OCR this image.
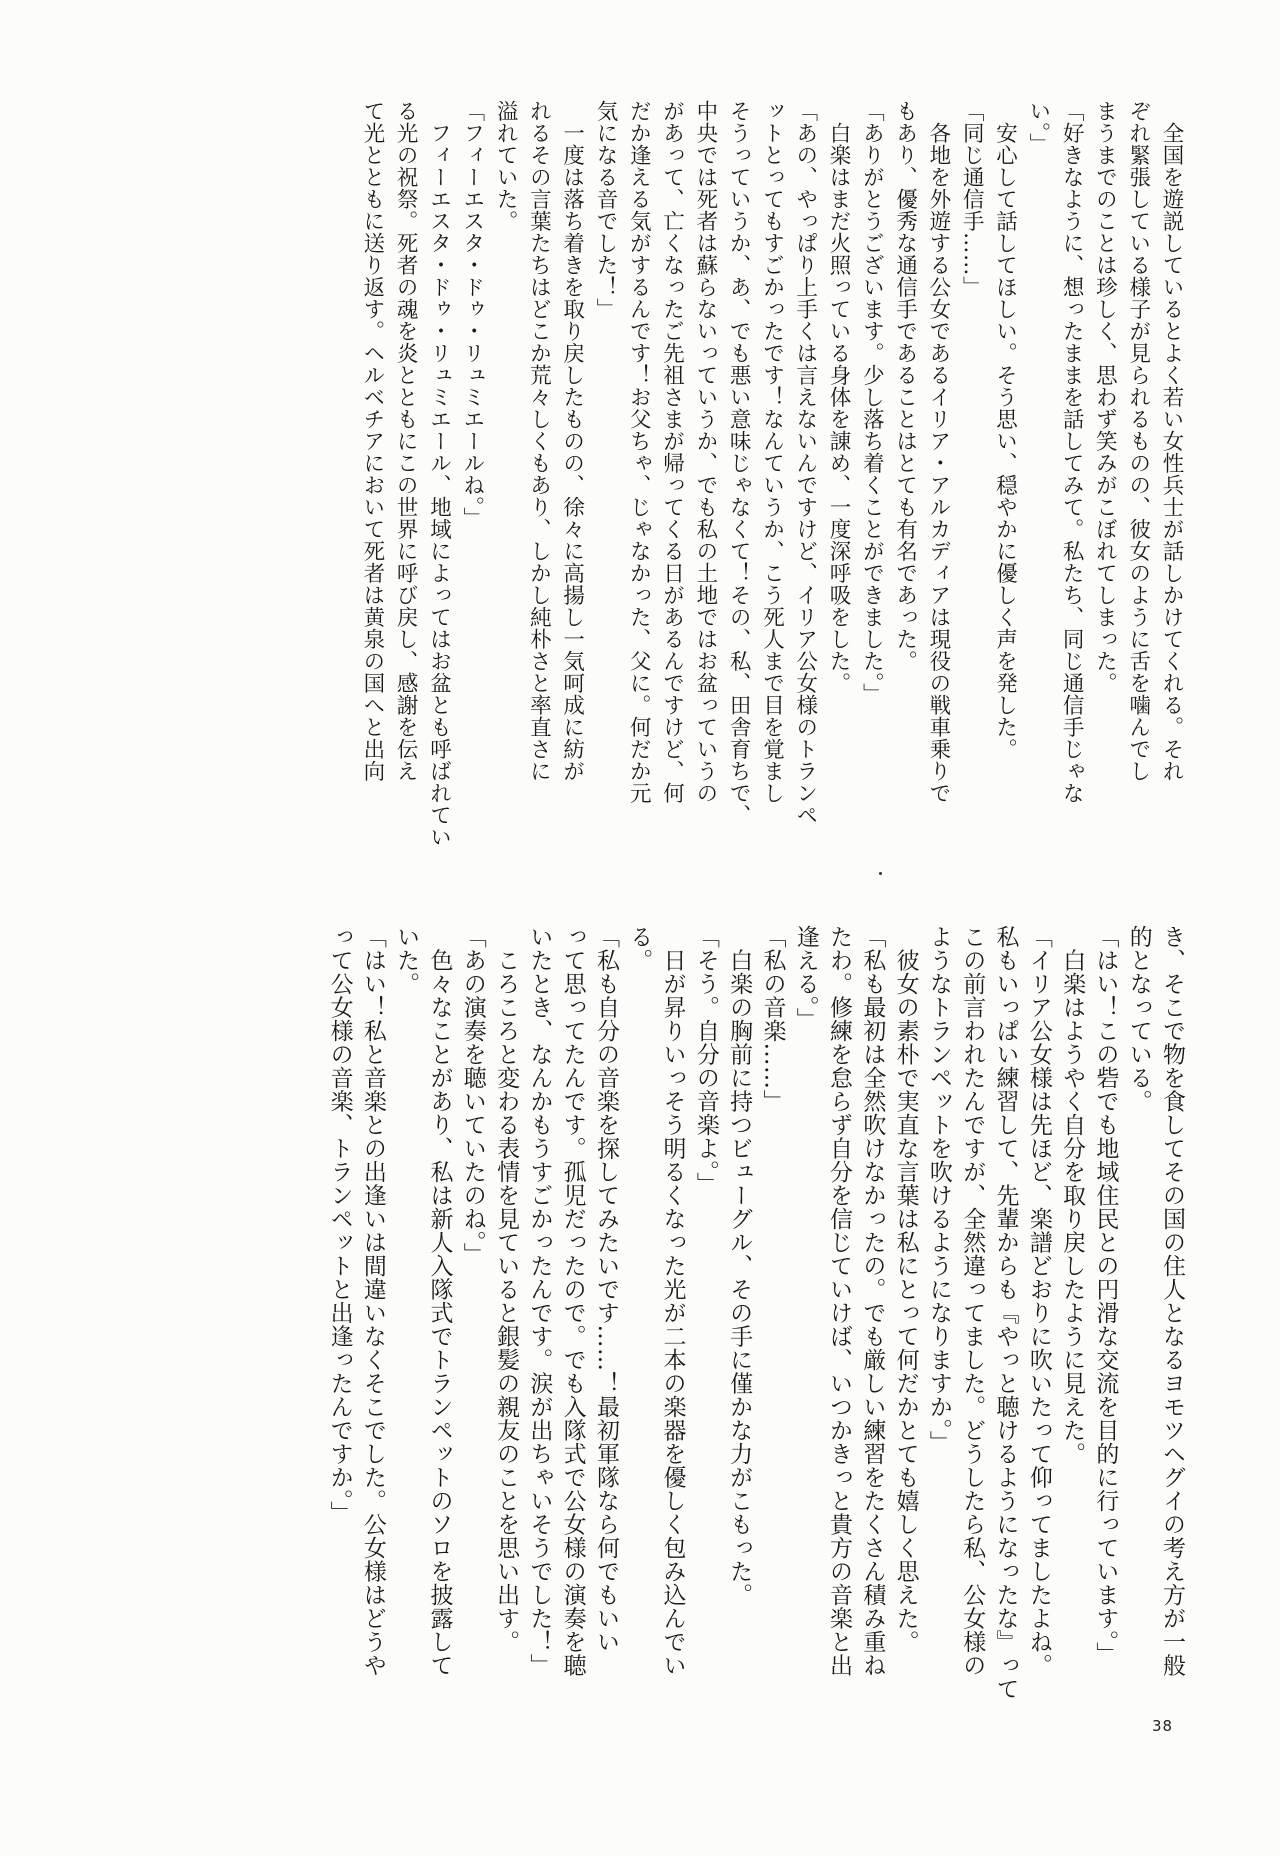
　全国を遊説しているとよく若い女性兵士が話しかけてくれる。それ

ぞれ緊張している様子が見られるものの、彼女のように舌を噛んでし

まうまでのことは珍しく、思わず笑みがこぼれてしまった。

「好きなように、想ったままを話してみて。私たち、同じ通信手じゃな

い。」

　安心して話してほしい。そう思い、穏やかに優しく声を発した。

「同じ通信手……」

　各地を外遊する公女であるイリア・アルカディアは現役の戦車乗りで

もあり、優秀な通信手であることはとても有名であった。

「ありがとうございます。少し落ち着くことができました。」

　白楽はまだ火照っている身体を諌め、一度深呼吸をした。

「あの、やっぱり上手くは言えないんですけど、イリア公女様のトランペ

ットとってもすごかったです！なんていうか、こう死人まで目を覚まし

そうっていうか、あ、でも悪い意味じゃなくて！その、私、田舎育ちで、

中央では死者は蘇らないっていうか、でも私の土地ではお盆っていうの

があって、亡くなったご先祖さまが帰ってくる日があるんですけど、何

だか逢える気がするんです！お父ちゃ、じゃなかった、父に。何だか元

気になる音でした！」

　一度は落ち着きを取り戻したものの、徐々に高揚し一気呵成に紡が

れるその言葉たちはどこか荒々しくもあり、しかし純朴さと率直さに

溢れていた。

「フィーエスタ・ドゥ・リュミエールね。」

　フィーエスタ・ドゥ・リュミエール、地域によってはお盆とも呼ばれてい

る光の祝祭。死者の魂を炎とともにこの世界に呼び戻し、感謝を伝え

て光とともに送り返す。ヘルベチアにおいて死者は黄泉の国へと出向

き、そこで物を食してその国の住人となるヨモツヘグイの考え方が一般

的となっている。

「はい！この砦でも地域住民との円滑な交流を目的に行っています。」

　白楽はようやく自分を取り戻したように見えた。

「イリア公女様は先ほど、楽譜どおりに吹いたって仰ってましたよね。

私もいっぱい練習して、先輩からも『やっと聴けるようになったな』って

この前言われたんですが、全然違ってました。どうしたら私、公女様の

ようなトランペットを吹けるようになりますか。」

　彼女の素朴で実直な言葉は私にとって何だかとても嬉しく思えた。

「私も最初は全然吹けなかったの。でも厳しい練習をたくさん積み重ね

たわ。修練を怠らず自分を信じていけば、いつかきっと貴方の音楽と出

逢える。」

「私の音楽……」

　白楽の胸前に持つビューグル、その手に僅かな力がこもった。

「そう。自分の音楽よ。」

　日が昇りいっそう明るくなった光が二本の楽器を優しく包み込んでい

る。

「私も自分の音楽を探してみたいです……！最初軍隊なら何でもいい

って思ってたんです。孤児だったので。でも入隊式で公女様の演奏を聴

いたとき、なんかもうすごかったんです。涙が出ちゃいそうでした！」

　ころころと変わる表情を見ていると銀髪の親友のことを思い出す。

「あの演奏を聴いていたのね。」

　色々なことがあり、私は新人入隊式でトランペットのソロを披露して

いた。

「はい！私と音楽との出逢いは間違いなくそこでした。公女様はどうや

って公女様の音楽、トランペットと出逢ったんですか。」

38
